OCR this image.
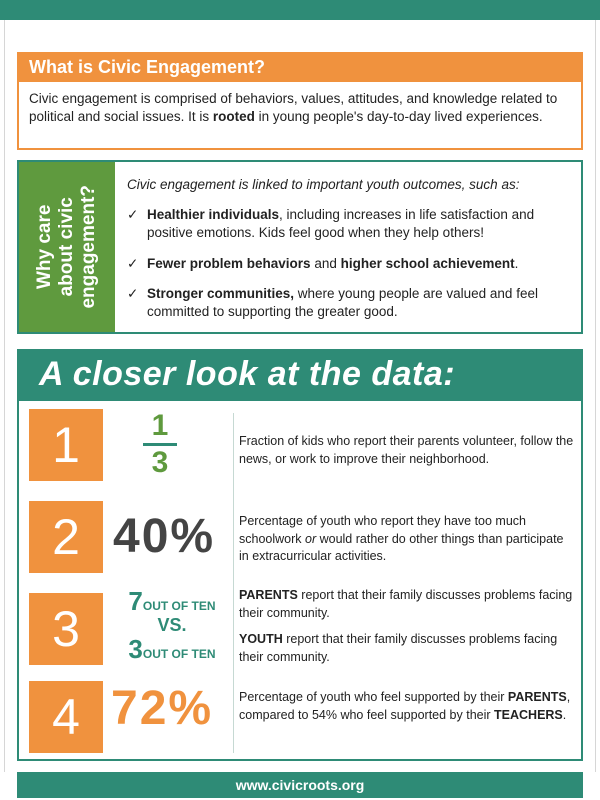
What is Civic Engagement?
Civic engagement is comprised of behaviors, values, attitudes, and knowledge related to political and social issues. It is rooted in young people's day-to-day lived experiences.
Why care about civic engagement?
Civic engagement is linked to important youth outcomes, such as:
✓ Healthier individuals, including increases in life satisfaction and positive emotions. Kids feel good when they help others!
✓ Fewer problem behaviors and higher school achievement.
✓ Stronger communities, where young people are valued and feel committed to supporting the greater good.
A closer look at the data:
1	1
3
Fraction of kids who report their parents volunteer, follow the news, or work to improve their neighborhood.
2 40% Percentage of youth who report they have too much schoolwork or would rather do other things than participate in extracurricular activities.
3	7OUT OF TEN
VS.
3OUT OF TEN
PARENTS report that their family discusses problems facing their community.
YOUTH report that their family discusses problems facing their community.
4 72% Percentage of youth who feel supported by their PARENTS, compared to 54% who feel supported by their TEACHERS.
www.civicroots.org
